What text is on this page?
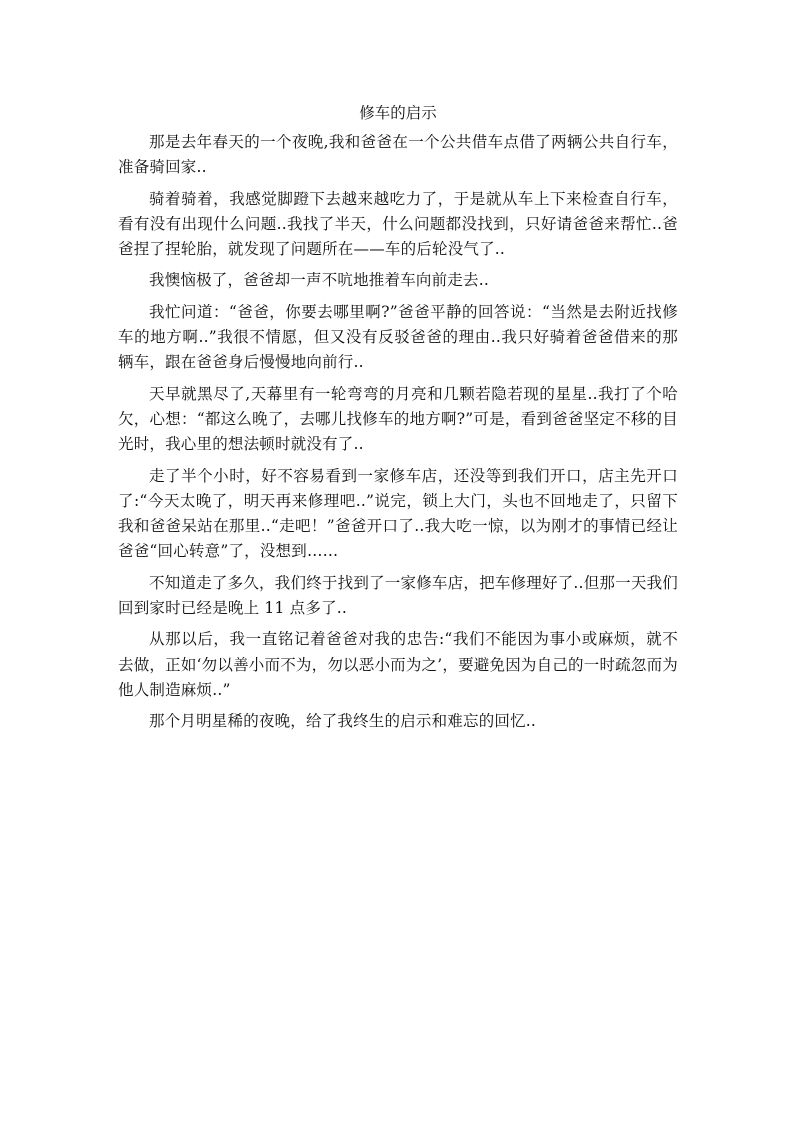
修车的启示

那是去年春天的一个夜晚,我和爸爸在一个公共借车点借了两辆公共自行车，准备骑回家..

骑着骑着，我感觉脚蹬下去越来越吃力了，于是就从车上下来检查自行车，看有没有出现什么问题..我找了半天，什么问题都没找到，只好请爸爸来帮忙..爸爸捏了捏轮胎，就发现了问题所在——车的后轮没气了..

我懊恼极了，爸爸却一声不吭地推着车向前走去..

我忙问道：“爸爸，你要去哪里啊?”爸爸平静的回答说：“当然是去附近找修车的地方啊..”我很不情愿，但又没有反驳爸爸的理由..我只好骑着爸爸借来的那辆车，跟在爸爸身后慢慢地向前行..

天早就黑尽了,天幕里有一轮弯弯的月亮和几颗若隐若现的星星..我打了个哈欠，心想：“都这么晚了，去哪儿找修车的地方啊?”可是，看到爸爸坚定不移的目光时，我心里的想法顿时就没有了..

走了半个小时，好不容易看到一家修车店，还没等到我们开口，店主先开口了:“今天太晚了，明天再来修理吧..”说完，锁上大门，头也不回地走了，只留下我和爸爸呆站在那里..“走吧！”爸爸开口了..我大吃一惊，以为刚才的事情已经让爸爸“回心转意”了，没想到……

不知道走了多久，我们终于找到了一家修车店，把车修理好了..但那一天我们回到家时已经是晚上 11 点多了..

从那以后，我一直铭记着爸爸对我的忠告:“我们不能因为事小或麻烦，就不去做，正如‘勿以善小而不为，勿以恶小而为之’，要避免因为自己的一时疏忽而为他人制造麻烦..”

那个月明星稀的夜晚，给了我终生的启示和难忘的回忆..
